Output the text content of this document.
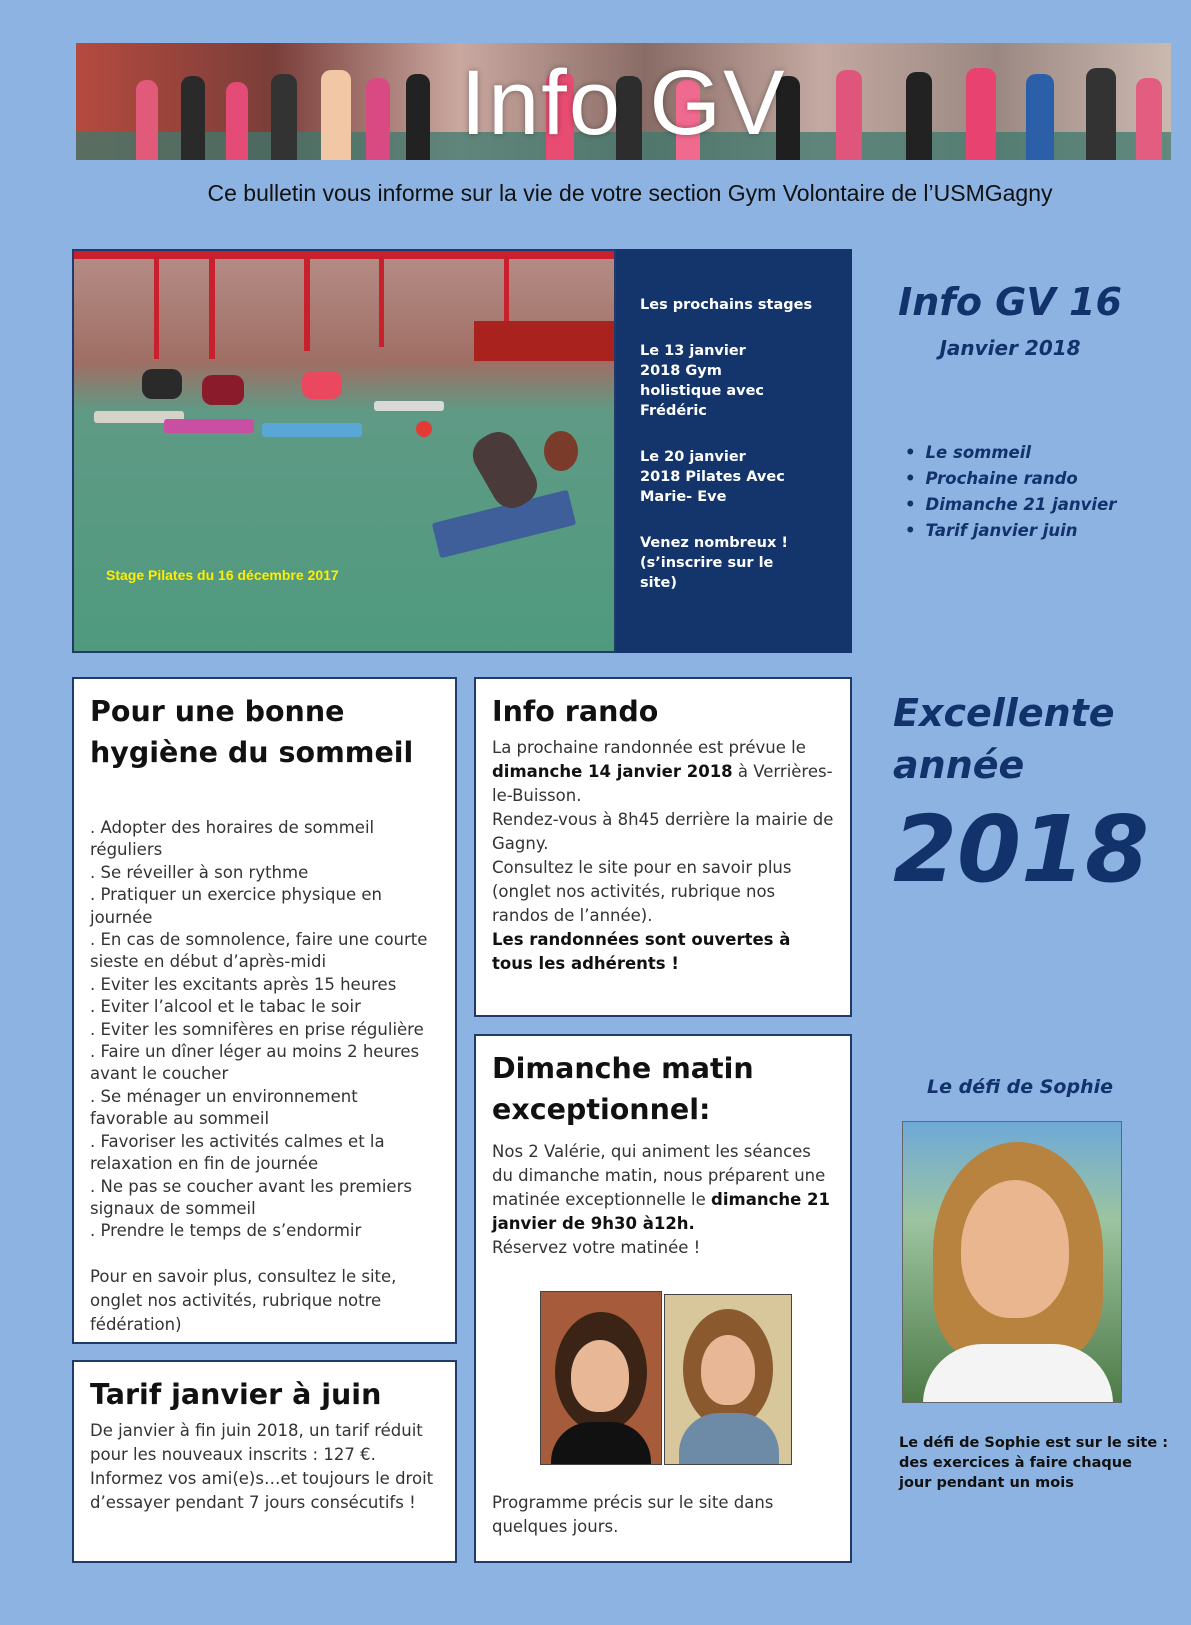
Info GV
Ce bulletin vous informe sur la vie de votre section Gym Volontaire de l’USMGagny
Stage Pilates du 16 décembre 2017

Les prochains stages

Le 13 janvier 2018 Gym holistique avec Frédéric

Le 20 janvier 2018 Pilates Avec Marie- Eve

Venez nombreux ! (s’inscrire sur le site)

Info GV 16
Janvier 2018
• Le sommeil
• Prochaine rando
• Dimanche 21 janvier
• Tarif janvier juin
Excellente
année
2018
Pour une bonne hygiène du sommeil
. Adopter des horaires de sommeil réguliers
. Se réveiller à son rythme
. Pratiquer un exercice physique en journée
. En cas de somnolence, faire une courte sieste en début d’après-midi
. Eviter les excitants après 15 heures
. Eviter l’alcool et le tabac le soir
. Eviter les somnifères en prise régulière
. Faire un dîner léger au moins 2 heures avant le coucher
. Se ménager un environnement favorable au sommeil
. Favoriser les activités calmes et la relaxation en fin de journée
. Ne pas se coucher avant les premiers signaux de sommeil
. Prendre le temps de s’endormir
Pour en savoir plus, consultez le site, onglet nos activités, rubrique notre fédération)
Info rando
La prochaine randonnée est prévue le dimanche 14 janvier 2018 à Verrières-le-Buisson.
Rendez-vous à 8h45 derrière la mairie de Gagny.
Consultez le site pour en savoir plus (onglet nos activités, rubrique nos randos de l’année).
Les randonnées sont ouvertes à tous les adhérents !
Dimanche matin exceptionnel:
Nos 2 Valérie, qui animent les séances du dimanche matin, nous préparent une matinée exceptionnelle le dimanche 21 janvier de 9h30 à12h.
Réservez votre matinée !
Programme précis sur le site dans quelques jours.
Tarif janvier à juin
De janvier à fin juin 2018, un tarif réduit pour les nouveaux inscrits : 127 €. Informez vos ami(e)s…et toujours le droit d’essayer pendant 7 jours consécutifs !
Le défi de Sophie
Le défi de Sophie est sur le site :
des exercices à faire chaque jour pendant un mois
